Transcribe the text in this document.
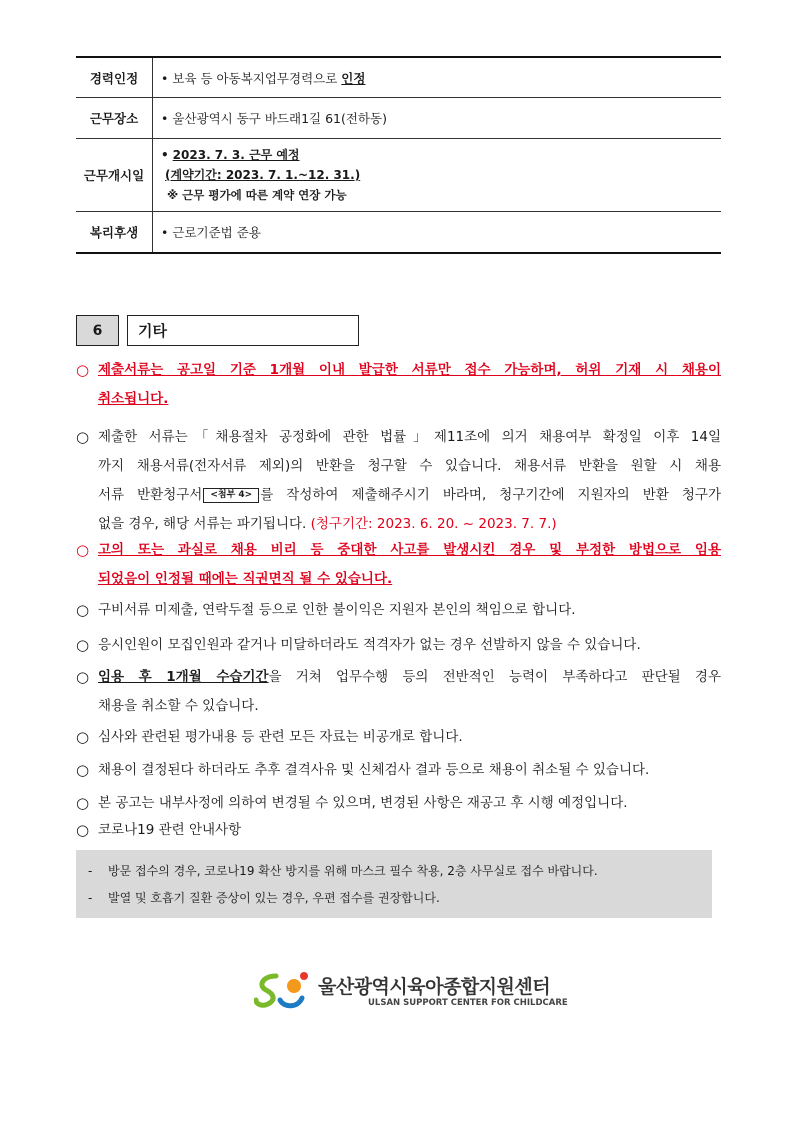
경력인정	• 보육 등 아동복지업무경력으로 인정
근무장소	• 울산광역시 동구 바드래1길 61(전하동)
근무개시일	• 2023. 7. 3. 근무 예정
(계약기간: 2023. 7. 1.~12. 31.)
※ 근무 평가에 따른 계약 연장 가능

복리후생	• 근로기준법 준용
6	기타
○ 제출서류는 공고일 기준 1개월 이내 발급한 서류만 접수 가능하며, 허위 기재 시 채용이
취소됩니다.
○ 제출한 서류는「채용절차 공정화에 관한 법률」제11조에 의거 채용여부 확정일 이후 14일
까지 채용서류(전자서류 제외)의 반환을 청구할 수 있습니다. 채용서류 반환을 원할 시 채용
서류 반환청구서 <첨부 4> 를 작성하여 제출해주시기 바라며, 청구기간에 지원자의 반환 청구가
없을 경우, 해당 서류는 파기됩니다. (청구기간: 2023. 6. 20. ~ 2023. 7. 7.)
○ 고의 또는 과실로 채용 비리 등 중대한 사고를 발생시킨 경우 및 부정한 방법으로 임용
되었음이 인정될 때에는 직권면직 될 수 있습니다.
○ 구비서류 미제출, 연락두절 등으로 인한 불이익은 지원자 본인의 책임으로 합니다.
○ 응시인원이 모집인원과 같거나 미달하더라도 적격자가 없는 경우 선발하지 않을 수 있습니다.
○ 임용 후 1개월 수습기간을 거쳐 업무수행 등의 전반적인 능력이 부족하다고 판단될 경우
채용을 취소할 수 있습니다.
○ 심사와 관련된 평가내용 등 관련 모든 자료는 비공개로 합니다.
○ 채용이 결정된다 하더라도 추후 결격사유 및 신체검사 결과 등으로 채용이 취소될 수 있습니다.
○ 본 공고는 내부사정에 의하여 변경될 수 있으며, 변경된 사항은 재공고 후 시행 예정입니다.
○ 코로나19 관련 안내사항
- 방문 접수의 경우, 코로나19 확산 방지를 위해 마스크 필수 착용, 2층 사무실로 접수 바랍니다.
- 발열 및 호흡기 질환 증상이 있는 경우, 우편 접수를 권장합니다.
울산광역시육아종합지원센터
ULSAN SUPPORT CENTER FOR CHILDCARE
